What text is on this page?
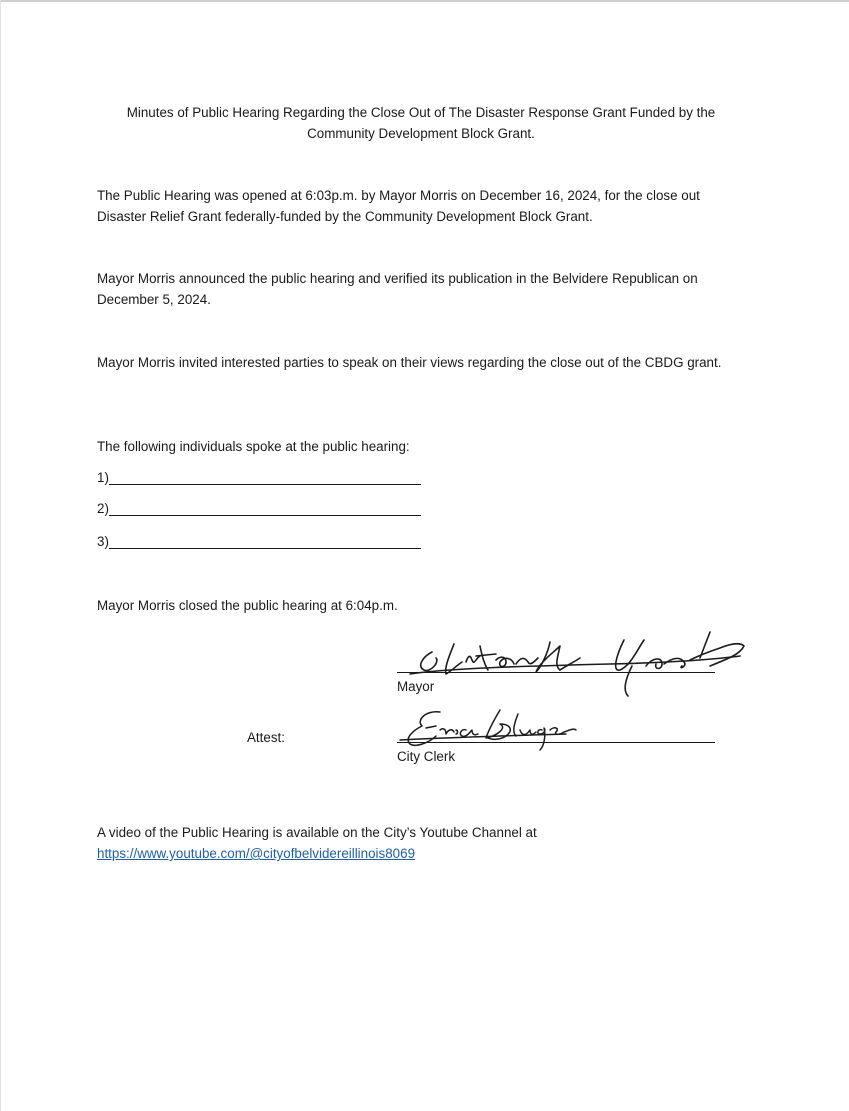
Minutes of Public Hearing Regarding the Close Out of The Disaster Response Grant Funded by the
Community Development Block Grant.
The Public Hearing was opened at 6:03p.m. by Mayor Morris on December 16, 2024, for the close out Disaster Relief Grant federally-funded by the Community Development Block Grant.
Mayor Morris announced the public hearing and verified its publication in the Belvidere Republican on December 5, 2024.
Mayor Morris invited interested parties to speak on their views regarding the close out of the CBDG grant.
The following individuals spoke at the public hearing:
1)
2)
3)
Mayor Morris closed the public hearing at 6:04p.m.
Mayor
Attest:
City Clerk
A video of the Public Hearing is available on the City’s Youtube Channel at
https://www.youtube.com/@cityofbelvidereillinois8069
